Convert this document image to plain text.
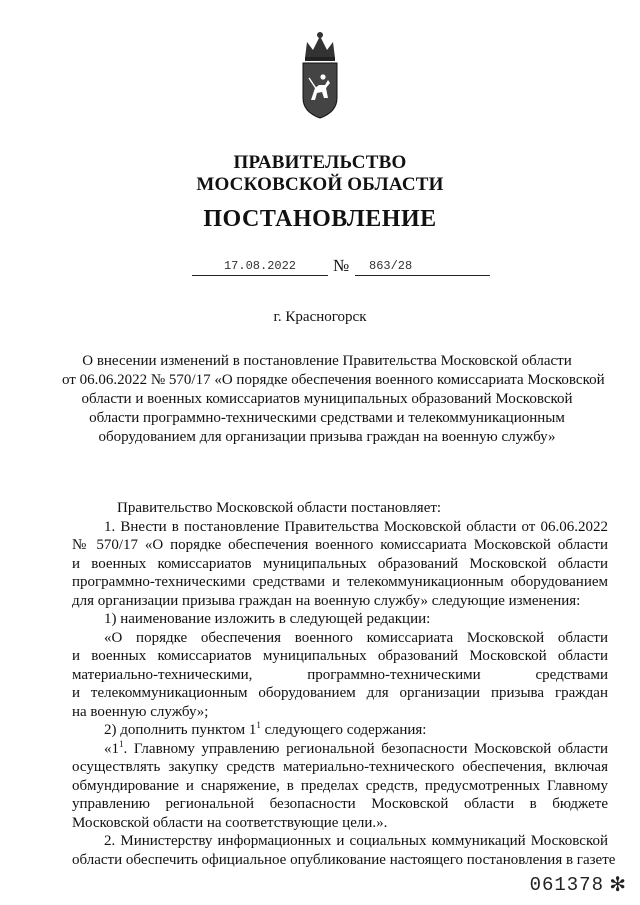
ПРАВИТЕЛЬСТВО
МОСКОВСКОЙ ОБЛАСТИ
ПОСТАНОВЛЕНИЕ
17.08.2022	№	863/28
г. Красногорск
О внесении изменений в постановление Правительства Московской области
от 06.06.2022 № 570/17 «О порядке обеспечения военного комиссариата Московской
области и военных комиссариатов муниципальных образований Московской
области программно-техническими средствами и телекоммуникационным
оборудованием для организации призыва граждан на военную службу»
Правительство Московской области постановляет:
1. Внести в постановление Правительства Московской области от 06.06.2022
№ 570/17 «О порядке обеспечения военного комиссариата Московской области
и военных комиссариатов муниципальных образований Московской области
программно-техническими средствами и телекоммуникационным оборудованием
для организации призыва граждан на военную службу» следующие изменения:
1) наименование изложить в следующей редакции:
«О порядке обеспечения военного комиссариата Московской области
и военных комиссариатов муниципальных образований Московской области
материально-техническими, программно-техническими средствами
и телекоммуникационным оборудованием для организации призыва граждан
на военную службу»;
2) дополнить пунктом $1^1$ следующего содержания:
«$1^1$. Главному управлению региональной безопасности Московской области
осуществлять закупку средств материально-технического обеспечения, включая
обмундирование и снаряжение, в пределах средств, предусмотренных Главному
управлению региональной безопасности Московской области в бюджете
Московской области на соответствующие цели.».
2. Министерству информационных и социальных коммуникаций Московской
области обеспечить официальное опубликование настоящего постановления в газете
061378 ✻
